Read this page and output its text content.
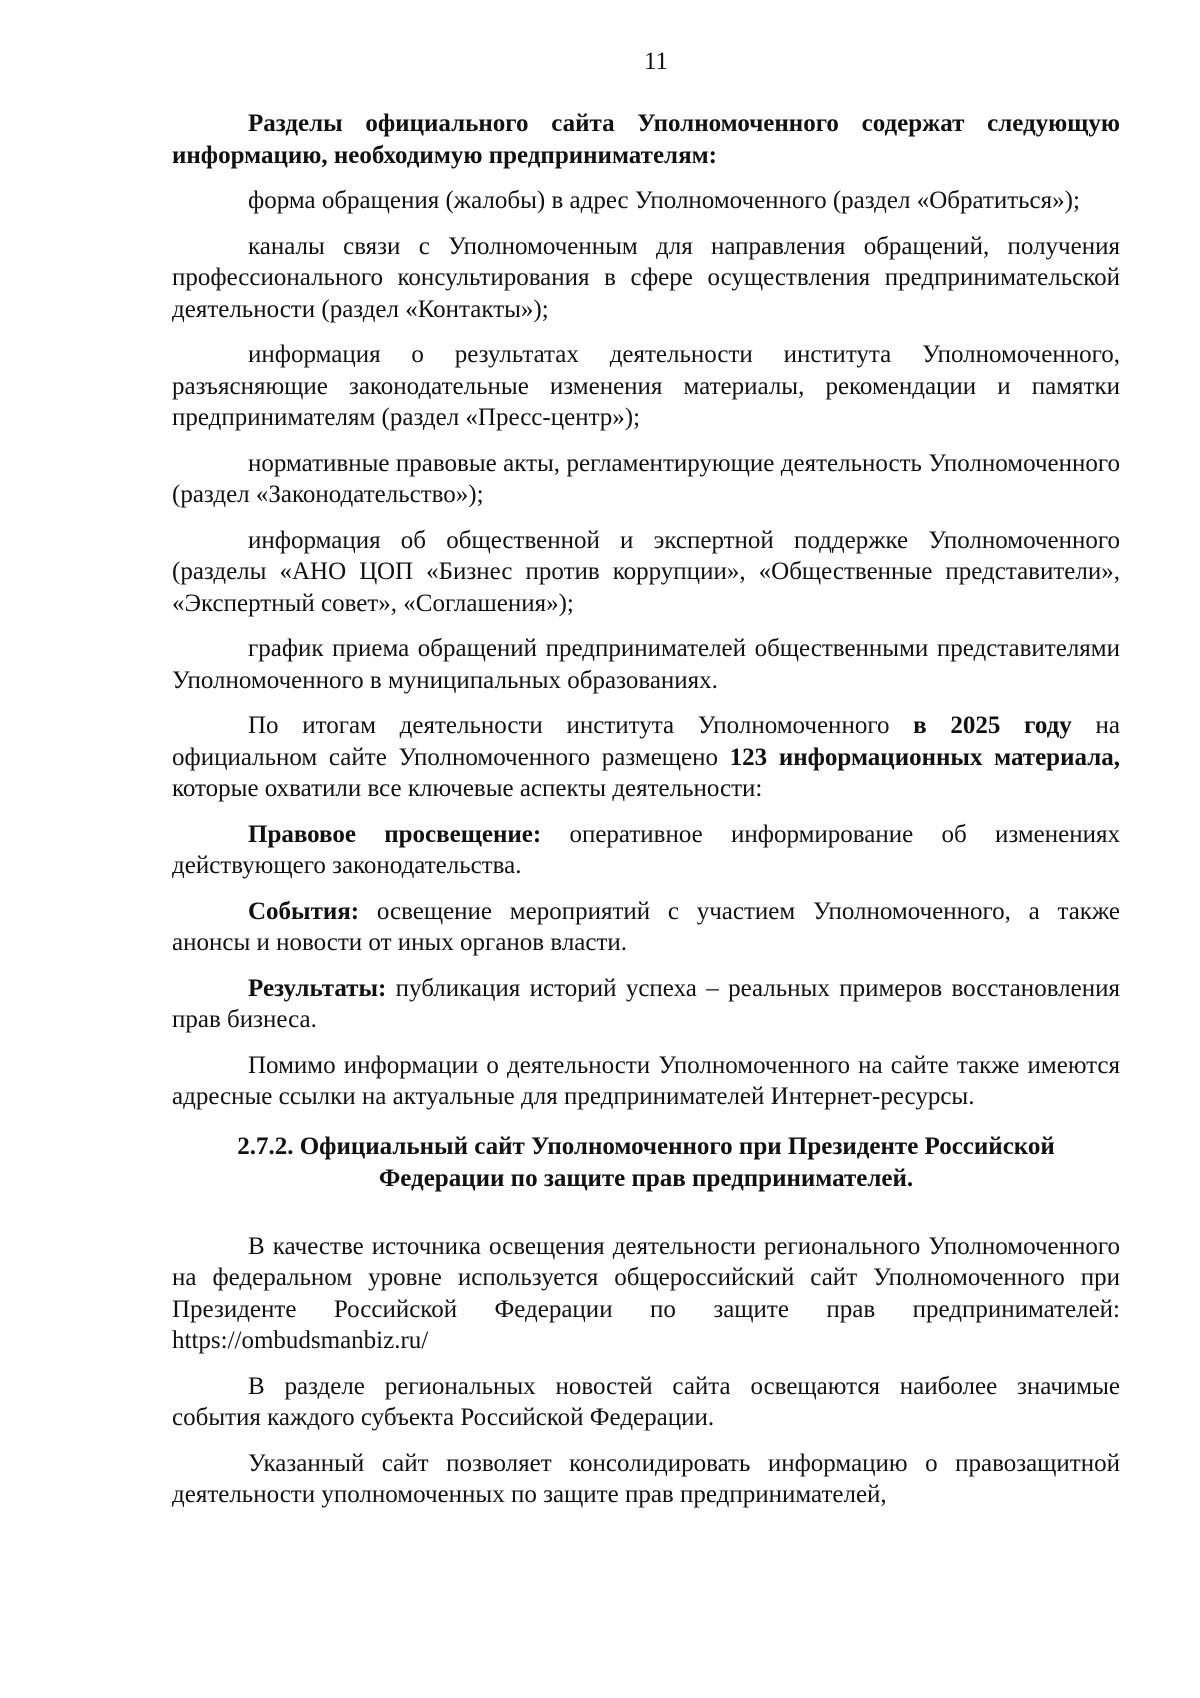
11

Разделы официального сайта Уполномоченного содержат следующую информацию, необходимую предпринимателям:

форма обращения (жалобы) в адрес Уполномоченного (раздел «Обратиться»);

каналы связи с Уполномоченным для направления обращений, получения профессионального консультирования в сфере осуществления предпринимательской деятельности (раздел «Контакты»);

информация о результатах деятельности института Уполномоченного, разъясняющие законодательные изменения материалы, рекомендации и памятки предпринимателям (раздел «Пресс-центр»);

нормативные правовые акты, регламентирующие деятельность Уполномоченного (раздел «Законодательство»);

информация об общественной и экспертной поддержке Уполномоченного (разделы «АНО ЦОП «Бизнес против коррупции», «Общественные представители», «Экспертный совет», «Соглашения»);

график приема обращений предпринимателей общественными представителями Уполномоченного в муниципальных образованиях.

По итогам деятельности института Уполномоченного в 2025 году на официальном сайте Уполномоченного размещено 123 информационных материала, которые охватили все ключевые аспекты деятельности:

Правовое просвещение: оперативное информирование об изменениях действующего законодательства.

События: освещение мероприятий с участием Уполномоченного, а также анонсы и новости от иных органов власти.

Результаты: публикация историй успеха – реальных примеров восстановления прав бизнеса.

Помимо информации о деятельности Уполномоченного на сайте также имеются адресные ссылки на актуальные для предпринимателей Интернет-ресурсы.

2.7.2. Официальный сайт Уполномоченного при Президенте Российской
Федерации по защите прав предпринимателей.

В качестве источника освещения деятельности регионального Уполномоченного на федеральном уровне используется общероссийский сайт Уполномоченного при Президенте Российской Федерации по защите прав предпринимателей: https://ombudsmanbiz.ru/

В разделе региональных новостей сайта освещаются наиболее значимые события каждого субъекта Российской Федерации.

Указанный сайт позволяет консолидировать информацию о правозащитной деятельности уполномоченных по защите прав предпринимателей,
